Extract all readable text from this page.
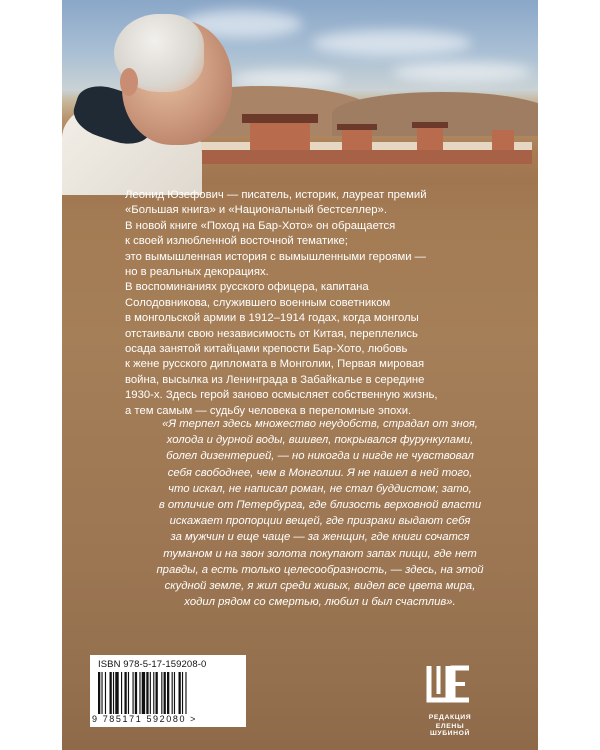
Леонид Юзефович — писатель, историк, лауреат премий

«Большая книга» и «Национальный бестселлер».

В новой книге «Поход на Бар-Хото» он обращается

к своей излюбленной восточной тематике;

это вымышленная история с вымышленными героями —

но в реальных декорациях.

В воспоминаниях русского офицера, капитана

Солодовникова, служившего военным советником

в монгольской армии в 1912–1914 годах, когда монголы

отстаивали свою независимость от Китая, переплелись

осада занятой китайцами крепости Бар-Хото, любовь

к жене русского дипломата в Монголии, Первая мировая

война, высылка из Ленинграда в Забайкалье в середине

1930-х. Здесь герой заново осмысляет собственную жизнь,

а тем самым — судьбу человека в переломные эпохи.

«Я терпел здесь множество неудобств, страдал от зноя,

холода и дурной воды, вшивел, покрывался фурункулами,

болел дизентерией, — но никогда и нигде не чувствовал

себя свободнее, чем в Монголии. Я не нашел в ней того,

что искал, не написал роман, не стал буддистом; зато,

в отличие от Петербурга, где близость верховной власти

искажает пропорции вещей, где призраки выдают себя

за мужчин и еще чаще — за женщин, где книги сочатся

туманом и на звон золота покупают запах пищи, где нет

правды, а есть только целесообразность, — здесь, на этой

скудной земле, я жил среди живых, видел все цвета мира,

ходил рядом со смертью, любил и был счастлив».

ISBN 978-5-17-159208-0
9 785171 592080 >	РЕДАКЦИЯ
ЕЛЕНЫ ШУБИНОЙ
